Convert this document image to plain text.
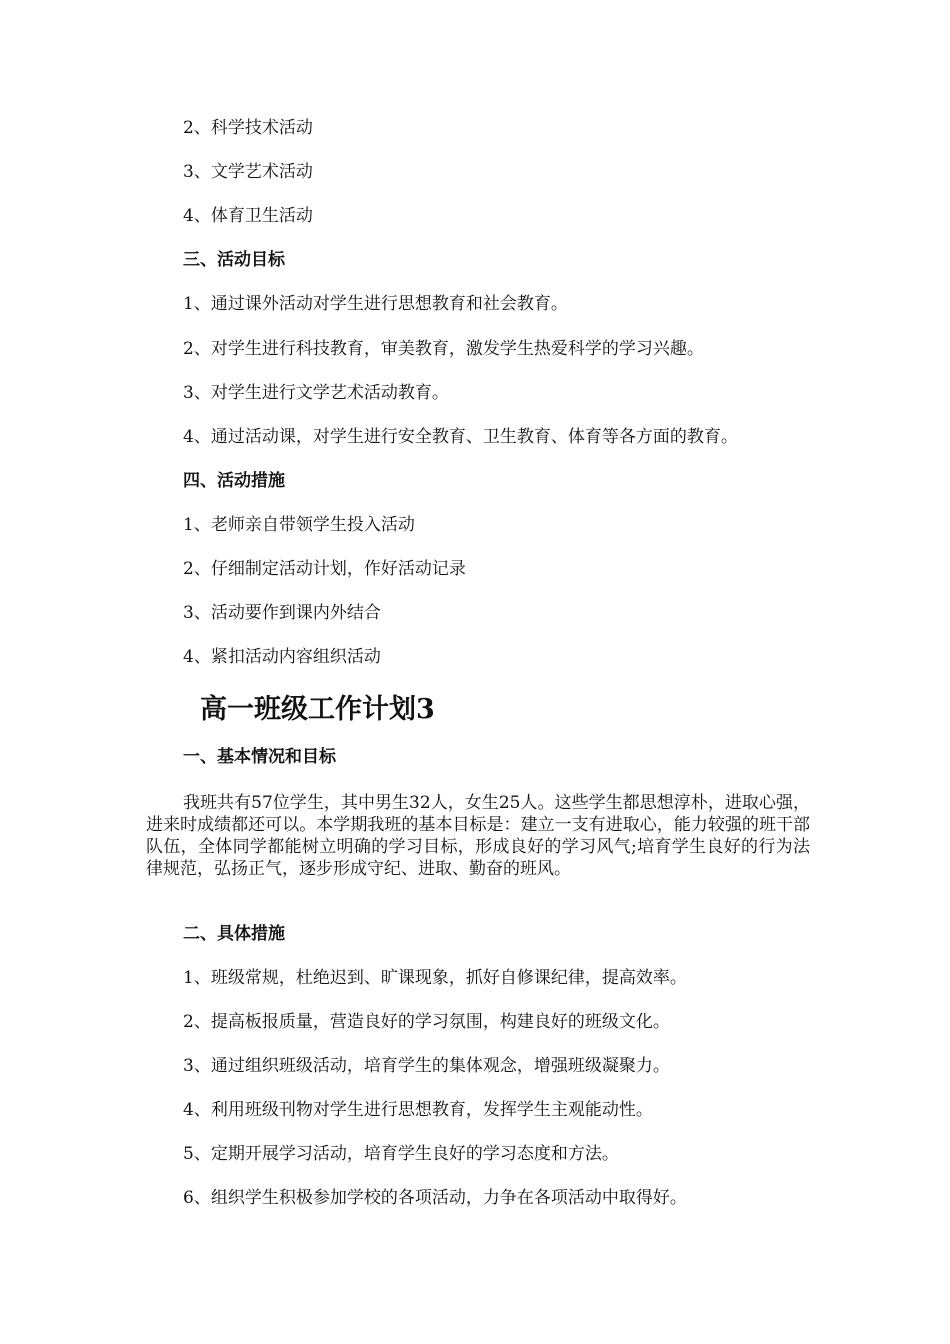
2、科学技术活动

3、文学艺术活动

4、体育卫生活动

三、活动目标

1、通过课外活动对学生进行思想教育和社会教育。

2、对学生进行科技教育，审美教育，激发学生热爱科学的学习兴趣。

3、对学生进行文学艺术活动教育。

4、通过活动课，对学生进行安全教育、卫生教育、体育等各方面的教育。

四、活动措施

1、老师亲自带领学生投入活动

2、仔细制定活动计划，作好活动记录

3、活动要作到课内外结合

4、紧扣活动内容组织活动

高一班级工作计划3

一、基本情况和目标

我班共有57位学生，其中男生32人，女生25人。这些学生都思想淳朴，进取心强，进来时成绩都还可以。本学期我班的基本目标是：建立一支有进取心，能力较强的班干部队伍，全体同学都能树立明确的学习目标，形成良好的学习风气;培育学生良好的行为法律规范，弘扬正气，逐步形成守纪、进取、勤奋的班风。

二、具体措施

1、班级常规，杜绝迟到、旷课现象，抓好自修课纪律，提高效率。

2、提高板报质量，营造良好的学习氛围，构建良好的班级文化。

3、通过组织班级活动，培育学生的集体观念，增强班级凝聚力。

4、利用班级刊物对学生进行思想教育，发挥学生主观能动性。

5、定期开展学习活动，培育学生良好的学习态度和方法。

6、组织学生积极参加学校的各项活动，力争在各项活动中取得好。
